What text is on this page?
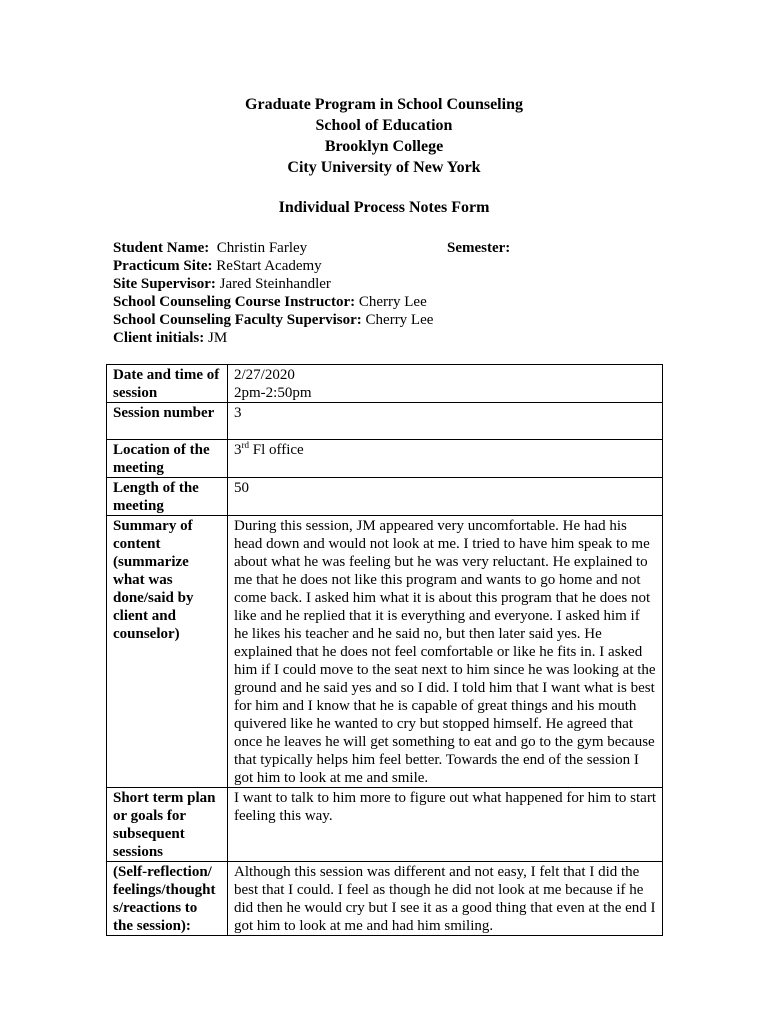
Graduate Program in School Counseling
School of Education
Brooklyn College
City University of New York
Individual Process Notes Form
Student Name: Christin Farley	Semester:
Practicum Site: ReStart Academy
Site Supervisor: Jared Steinhandler
School Counseling Course Instructor: Cherry Lee
School Counseling Faculty Supervisor: Cherry Lee
Client initials: JM
Date and time of session	2/27/2020
2pm-2:50pm

Session number	3
Location of the meeting	3rd Fl office
Length of the meeting	50
Summary of content (summarize what was done/said by client and counselor)	During this session, JM appeared very uncomfortable. He had his head down and would not look at me. I tried to have him speak to me about what he was feeling but he was very reluctant. He explained to me that he does not like this program and wants to go home and not come back. I asked him what it is about this program that he does not like and he replied that it is everything and everyone. I asked him if he likes his teacher and he said no, but then later said yes. He explained that he does not feel comfortable or like he fits in. I asked him if I could move to the seat next to him since he was looking at the ground and he said yes and so I did. I told him that I want what is best for him and I know that he is capable of great things and his mouth quivered like he wanted to cry but stopped himself. He agreed that once he leaves he will get something to eat and go to the gym because that typically helps him feel better. Towards the end of the session I got him to look at me and smile.
Short term plan or goals for subsequent sessions	I want to talk to him more to figure out what happened for him to start feeling this way.
(Self-reflection/ feelings/thought s/reactions to the session):	Although this session was different and not easy, I felt that I did the best that I could. I feel as though he did not look at me because if he did then he would cry but I see it as a good thing that even at the end I got him to look at me and had him smiling.
